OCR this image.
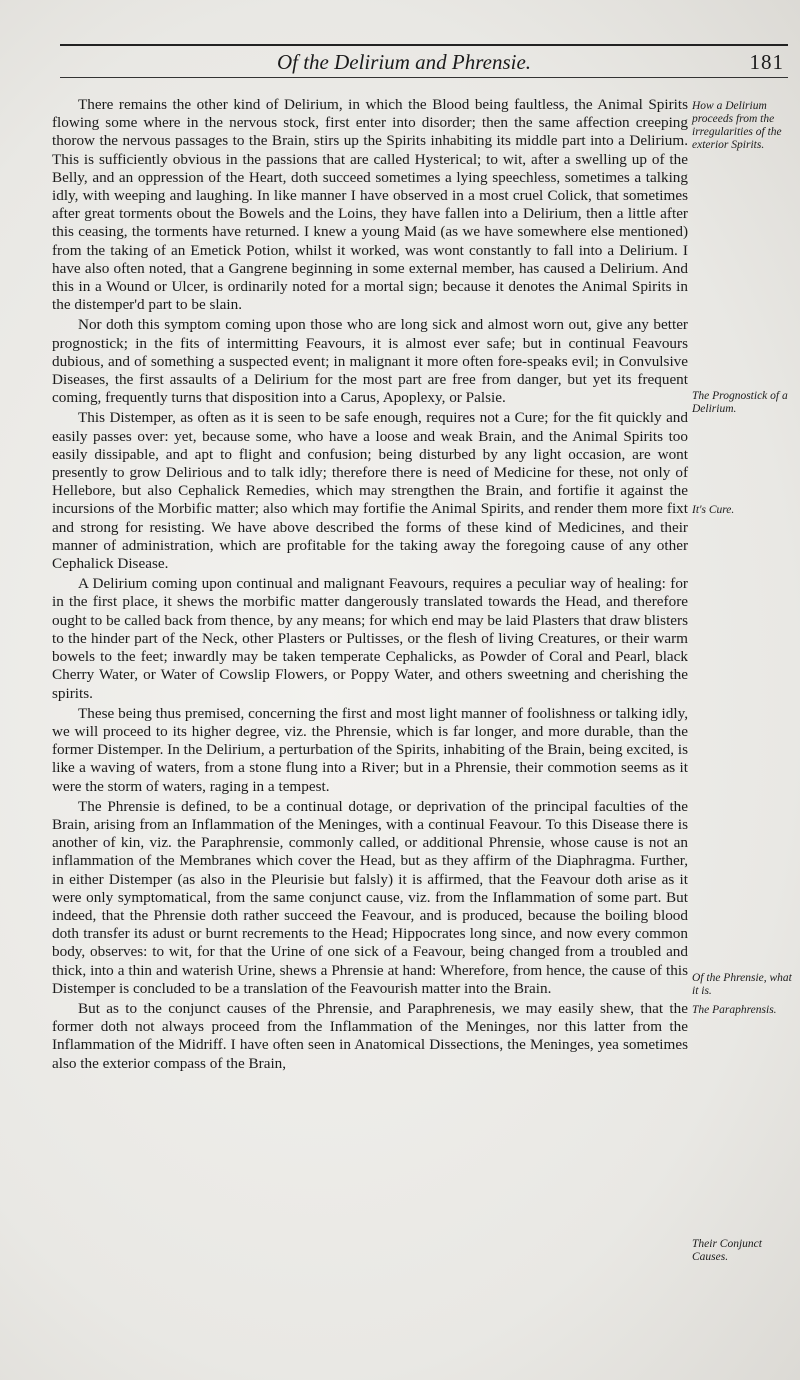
Of the Delirium and Phrensie.	181

There remains the other kind of Delirium, in which the Blood being faultless, the Animal Spirits flowing some where in the nervous stock, first enter into disorder; then the same affection creeping thorow the nervous passages to the Brain, stirs up the Spirits inhabiting its middle part into a Delirium. This is sufficiently obvious in the passions that are called Hysterical; to wit, after a swelling up of the Belly, and an oppression of the Heart, doth succeed sometimes a lying speechless, sometimes a talking idly, with weeping and laughing. In like manner I have observed in a most cruel Colick, that sometimes after great torments obout the Bowels and the Loins, they have fallen into a Delirium, then a little after this ceasing, the torments have returned. I knew a young Maid (as we have somewhere else mentioned) from the taking of an Emetick Potion, whilst it worked, was wont constantly to fall into a Delirium. I have also often noted, that a Gangrene beginning in some external member, has caused a Delirium. And this in a Wound or Ulcer, is ordinarily noted for a mortal sign; because it denotes the Animal Spirits in the distemper'd part to be slain.

Nor doth this symptom coming upon those who are long sick and almost worn out, give any better prognostick; in the fits of intermitting Feavours, it is almost ever safe; but in continual Feavours dubious, and of something a suspected event; in malignant it more often fore-speaks evil; in Convulsive Diseases, the first assaults of a Delirium for the most part are free from danger, but yet its frequent coming, frequently turns that disposition into a Carus, Apoplexy, or Palsie.

This Distemper, as often as it is seen to be safe enough, requires not a Cure; for the fit quickly and easily passes over: yet, because some, who have a loose and weak Brain, and the Animal Spirits too easily dissipable, and apt to flight and confusion; being disturbed by any light occasion, are wont presently to grow Delirious and to talk idly; therefore there is need of Medicine for these, not only of Hellebore, but also Cephalick Remedies, which may strengthen the Brain, and fortifie it against the incursions of the Morbific matter; also which may fortifie the Animal Spirits, and render them more fixt and strong for resisting. We have above described the forms of these kind of Medicines, and their manner of administration, which are profitable for the taking away the foregoing cause of any other Cephalick Disease.

A Delirium coming upon continual and malignant Feavours, requires a peculiar way of healing: for in the first place, it shews the morbific matter dangerously translated towards the Head, and therefore ought to be called back from thence, by any means; for which end may be laid Plasters that draw blisters to the hinder part of the Neck, other Plasters or Pultisses, or the flesh of living Creatures, or their warm bowels to the feet; inwardly may be taken temperate Cephalicks, as Powder of Coral and Pearl, black Cherry Water, or Water of Cowslip Flowers, or Poppy Water, and others sweetning and cherishing the spirits.

These being thus premised, concerning the first and most light manner of foolishness or talking idly, we will proceed to its higher degree, viz. the Phrensie, which is far longer, and more durable, than the former Distemper. In the Delirium, a perturbation of the Spirits, inhabiting of the Brain, being excited, is like a waving of waters, from a stone flung into a River; but in a Phrensie, their commotion seems as it were the storm of waters, raging in a tempest.

The Phrensie is defined, to be a continual dotage, or deprivation of the principal faculties of the Brain, arising from an Inflammation of the Meninges, with a continual Feavour. To this Disease there is another of kin, viz. the Paraphrensie, commonly called, or additional Phrensie, whose cause is not an inflammation of the Membranes which cover the Head, but as they affirm of the Diaphragma. Further, in either Distemper (as also in the Pleurisie but falsly) it is affirmed, that the Feavour doth arise as it were only symptomatical, from the same conjunct cause, viz. from the Inflammation of some part. But indeed, that the Phrensie doth rather succeed the Feavour, and is produced, because the boiling blood doth transfer its adust or burnt recrements to the Head; Hippocrates long since, and now every common body, observes: to wit, for that the Urine of one sick of a Feavour, being changed from a troubled and thick, into a thin and waterish Urine, shews a Phrensie at hand: Wherefore, from hence, the cause of this Distemper is concluded to be a translation of the Feavourish matter into the Brain.

But as to the conjunct causes of the Phrensie, and Paraphrenesis, we may easily shew, that the former doth not always proceed from the Inflammation of the Meninges, nor this latter from the Inflammation of the Midriff. I have often seen in Anatomical Dissections, the Meninges, yea sometimes also the exterior compass of the Brain,

How a Delirium proceeds from the irregularities of the exterior Spirits.
The Prognostick of a Delirium.
It's Cure.
Of the Phrensie, what it is.
The Paraphrensis.
Their Conjunct Causes.
